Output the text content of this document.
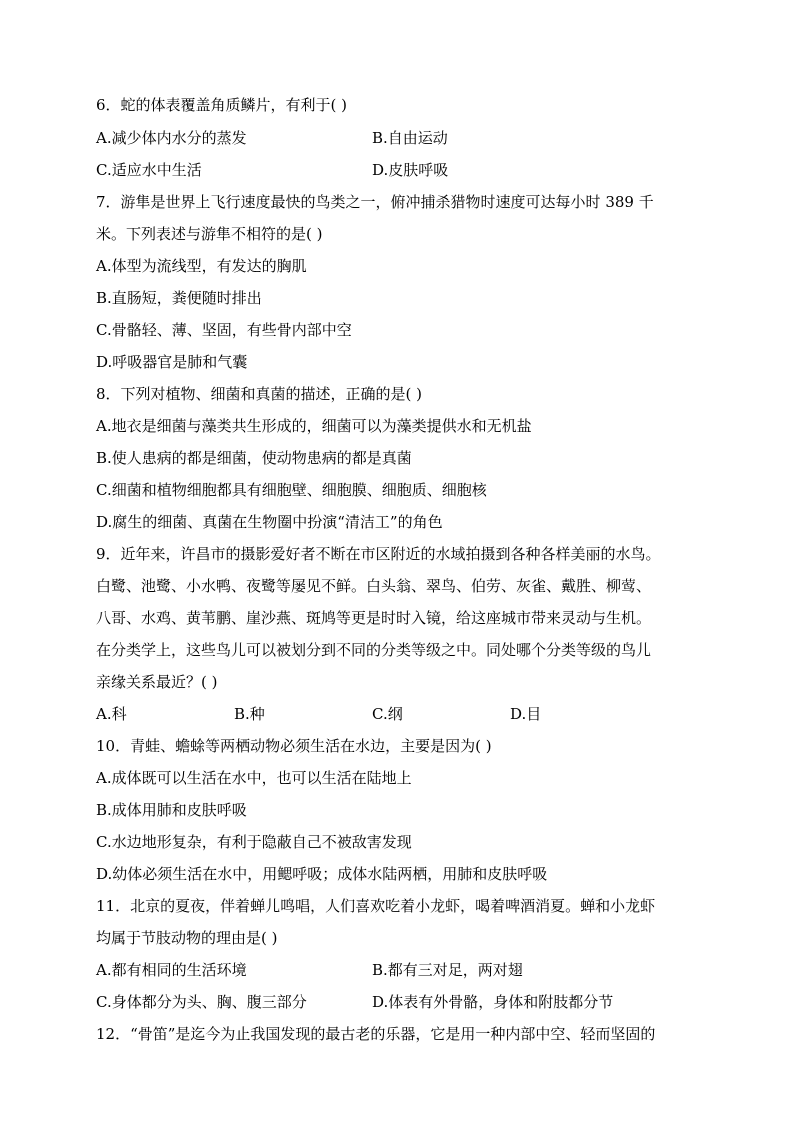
6．蛇的体表覆盖角质鳞片，有利于( )
A.减少体内水分的蒸发	B.自由运动
C.适应水中生活	D.皮肤呼吸
7．游隼是世界上飞行速度最快的鸟类之一，俯冲捕杀猎物时速度可达每小时 389 千
米。下列表述与游隼不相符的是( )
A.体型为流线型，有发达的胸肌
B.直肠短，粪便随时排出
C.骨骼轻、薄、坚固，有些骨内部中空
D.呼吸器官是肺和气囊
8．下列对植物、细菌和真菌的描述，正确的是( )
A.地衣是细菌与藻类共生形成的，细菌可以为藻类提供水和无机盐
B.使人患病的都是细菌，使动物患病的都是真菌
C.细菌和植物细胞都具有细胞壁、细胞膜、细胞质、细胞核
D.腐生的细菌、真菌在生物圈中扮演“清洁工”的角色
9．近年来，许昌市的摄影爱好者不断在市区附近的水域拍摄到各种各样美丽的水鸟。
白鹭、池鹭、小水鸭、夜鹭等屡见不鲜。白头翁、翠鸟、伯劳、灰雀、戴胜、柳莺、
八哥、水鸡、黄苇鹏、崖沙燕、斑鸠等更是时时入镜，给这座城市带来灵动与生机。
在分类学上，这些鸟儿可以被划分到不同的分类等级之中。同处哪个分类等级的鸟儿
亲缘关系最近？( )
A.科	B.种	C.纲	D.目
10．青蛙、蟾蜍等两栖动物必须生活在水边，主要是因为( )
A.成体既可以生活在水中，也可以生活在陆地上
B.成体用肺和皮肤呼吸
C.水边地形复杂，有利于隐蔽自己不被敌害发现
D.幼体必须生活在水中，用鳃呼吸；成体水陆两栖，用肺和皮肤呼吸
11．北京的夏夜，伴着蝉儿鸣唱，人们喜欢吃着小龙虾，喝着啤酒消夏。蝉和小龙虾
均属于节肢动物的理由是( )
A.都有相同的生活环境	B.都有三对足，两对翅
C.身体都分为头、胸、腹三部分	D.体表有外骨骼，身体和附肢都分节
12．“骨笛”是迄今为止我国发现的最古老的乐器，它是用一种内部中空、轻而坚固的
